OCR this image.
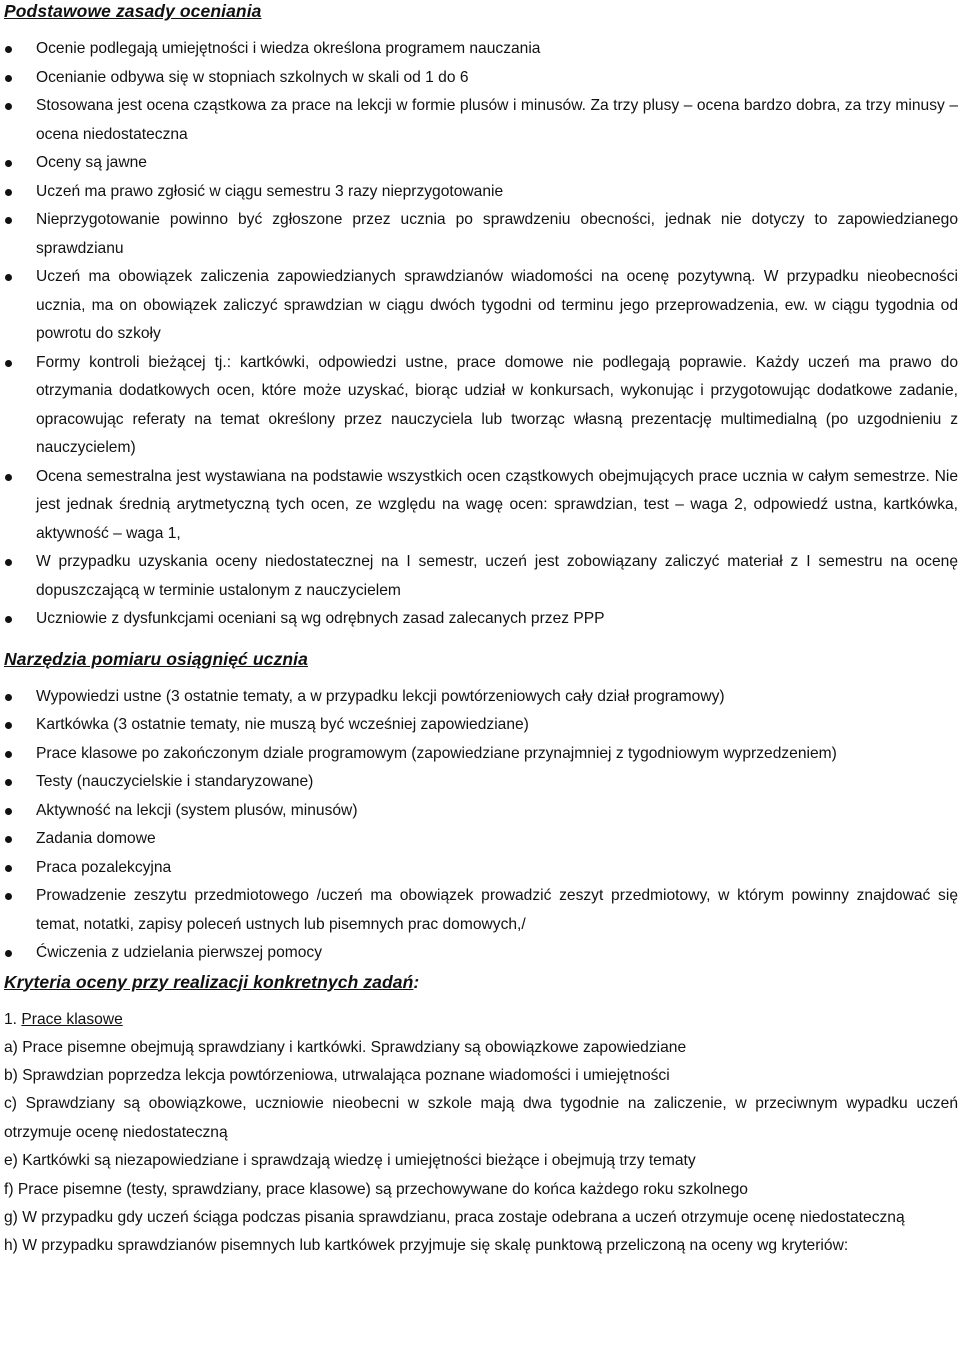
Podstawowe zasady oceniania
Ocenie podlegają umiejętności i wiedza określona programem nauczania
Ocenianie odbywa się w stopniach szkolnych w skali od 1 do 6
Stosowana jest ocena cząstkowa za prace na lekcji w formie plusów i minusów. Za trzy plusy – ocena bardzo dobra, za trzy minusy – ocena niedostateczna
Oceny są jawne
Uczeń ma prawo zgłosić w ciągu semestru 3 razy nieprzygotowanie
Nieprzygotowanie powinno być zgłoszone przez ucznia po sprawdzeniu obecności, jednak nie dotyczy to zapowiedzianego sprawdzianu
Uczeń ma obowiązek zaliczenia zapowiedzianych sprawdzianów wiadomości na ocenę pozytywną. W przypadku nieobecności ucznia, ma on obowiązek zaliczyć sprawdzian w ciągu dwóch tygodni od terminu jego przeprowadzenia, ew. w ciągu tygodnia od powrotu do szkoły
Formy kontroli bieżącej tj.: kartkówki, odpowiedzi ustne, prace domowe nie podlegają poprawie. Każdy uczeń ma prawo do otrzymania dodatkowych ocen, które może uzyskać, biorąc udział w konkursach, wykonując i przygotowując dodatkowe zadanie, opracowując referaty na temat określony przez nauczyciela lub tworząc własną prezentację multimedialną (po uzgodnieniu z nauczycielem)
Ocena semestralna jest wystawiana na podstawie wszystkich ocen cząstkowych obejmujących prace ucznia w całym semestrze. Nie jest jednak średnią arytmetyczną tych ocen, ze względu na wagę ocen: sprawdzian, test – waga 2, odpowiedź ustna, kartkówka, aktywność – waga 1,
W przypadku uzyskania oceny niedostatecznej na I semestr, uczeń jest zobowiązany zaliczyć materiał z I semestru na ocenę dopuszczającą w terminie ustalonym z nauczycielem
Uczniowie z dysfunkcjami oceniani są wg odrębnych zasad zalecanych przez PPP
Narzędzia pomiaru osiągnięć ucznia
Wypowiedzi ustne (3 ostatnie tematy, a w przypadku lekcji powtórzeniowych cały dział programowy)
Kartkówka (3 ostatnie tematy, nie muszą być wcześniej zapowiedziane)
Prace klasowe po zakończonym dziale programowym (zapowiedziane przynajmniej z tygodniowym wyprzedzeniem)
Testy (nauczycielskie i standaryzowane)
Aktywność na lekcji (system plusów, minusów)
Zadania domowe
Praca pozalekcyjna
Prowadzenie zeszytu przedmiotowego /uczeń ma obowiązek prowadzić zeszyt przedmiotowy, w którym powinny znajdować się temat, notatki, zapisy poleceń ustnych lub pisemnych prac domowych,/
Ćwiczenia z udzielania pierwszej pomocy
Kryteria oceny przy realizacji konkretnych zadań:
1. Prace klasowe

a) Prace pisemne obejmują sprawdziany i kartkówki. Sprawdziany są obowiązkowe zapowiedziane

b) Sprawdzian poprzedza lekcja powtórzeniowa, utrwalająca poznane wiadomości i umiejętności

c) Sprawdziany są obowiązkowe, uczniowie nieobecni w szkole mają dwa tygodnie na zaliczenie, w przeciwnym wypadku uczeń otrzymuje ocenę niedostateczną

e) Kartkówki są niezapowiedziane i sprawdzają wiedzę i umiejętności bieżące i obejmują trzy tematy

f) Prace pisemne (testy, sprawdziany, prace klasowe) są przechowywane do końca każdego roku szkolnego

g) W przypadku gdy uczeń ściąga podczas pisania sprawdzianu, praca zostaje odebrana a uczeń otrzymuje ocenę niedostateczną

h) W przypadku sprawdzianów pisemnych lub kartkówek przyjmuje się skalę punktową przeliczoną na oceny wg kryteriów:
